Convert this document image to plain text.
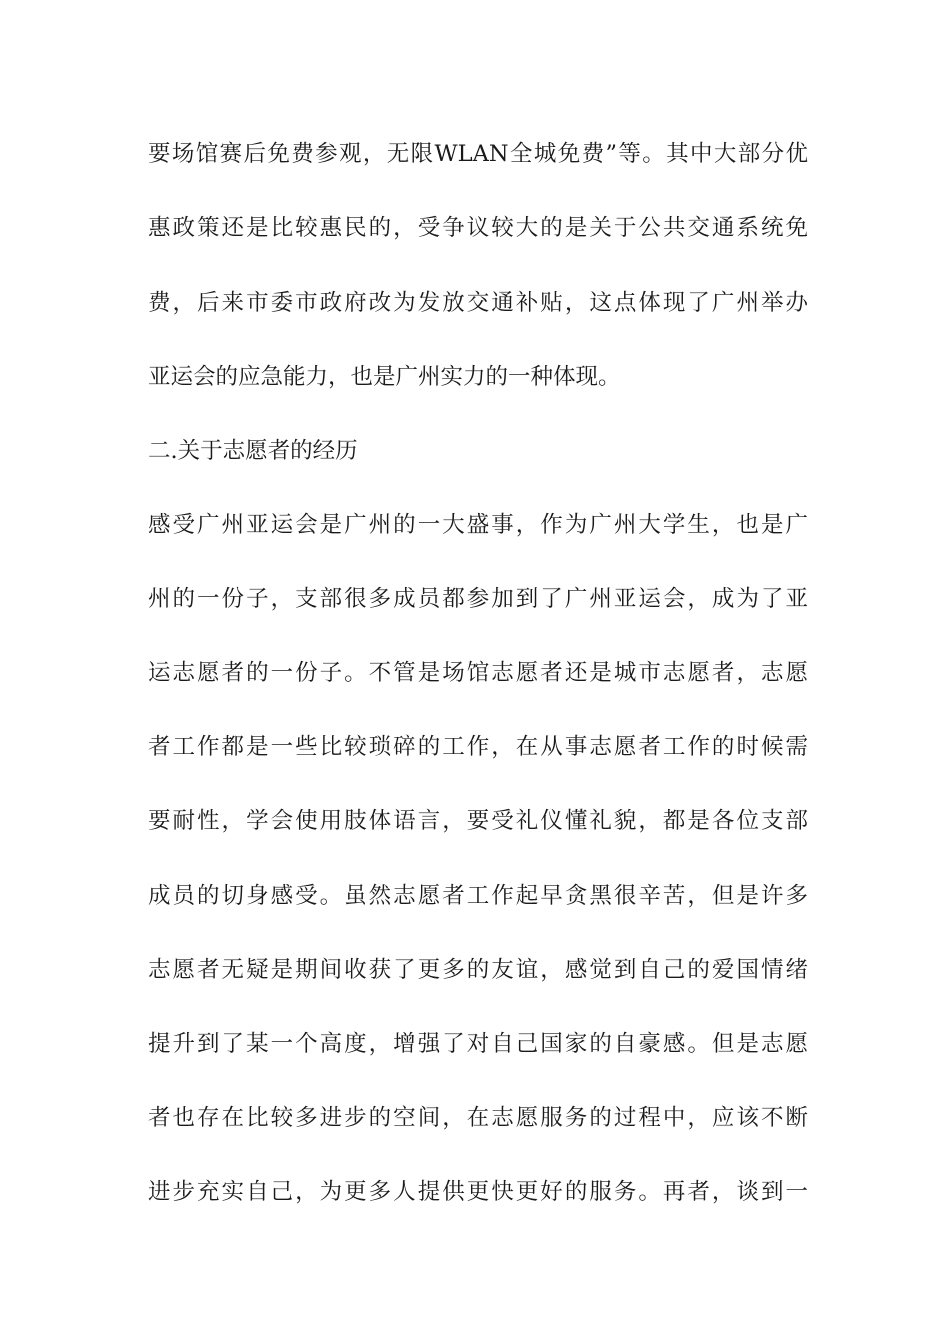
要场馆赛后免费参观，无限WLAN全城免费”等。其中大部分优
惠政策还是比较惠民的，受争议较大的是关于公共交通系统免
费，后来市委市政府改为发放交通补贴，这点体现了广州举办
亚运会的应急能力，也是广州实力的一种体现。
二.关于志愿者的经历
感受广州亚运会是广州的一大盛事，作为广州大学生，也是广
州的一份子，支部很多成员都参加到了广州亚运会，成为了亚
运志愿者的一份子。不管是场馆志愿者还是城市志愿者，志愿
者工作都是一些比较琐碎的工作，在从事志愿者工作的时候需
要耐性，学会使用肢体语言，要受礼仪懂礼貌，都是各位支部
成员的切身感受。虽然志愿者工作起早贪黑很辛苦，但是许多
志愿者无疑是期间收获了更多的友谊，感觉到自己的爱国情绪
提升到了某一个高度，增强了对自己国家的自豪感。但是志愿
者也存在比较多进步的空间，在志愿服务的过程中，应该不断
进步充实自己，为更多人提供更快更好的服务。再者，谈到一
